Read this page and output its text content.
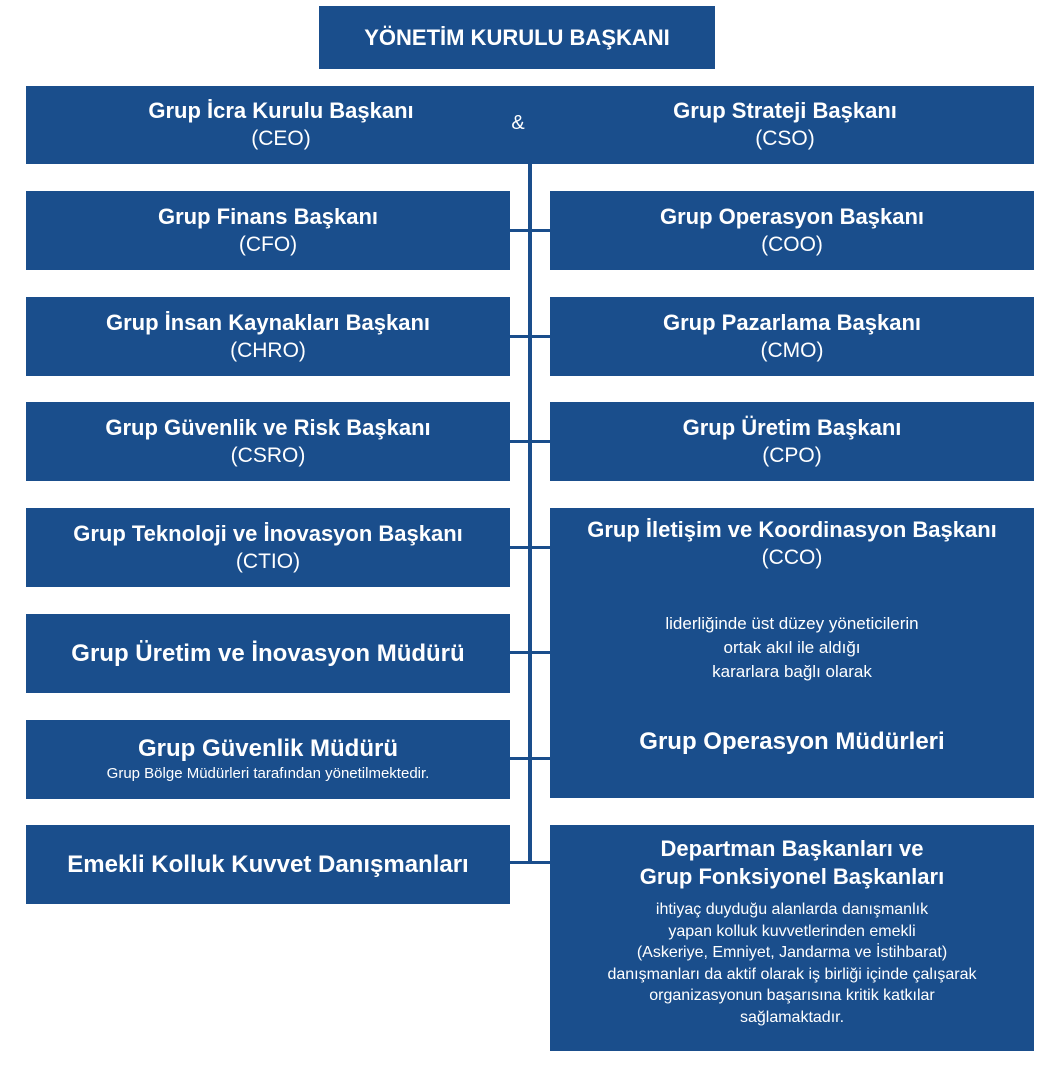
YÖNETİM KURULU BAŞKANI
Grup İcra Kurulu Başkanı
(CEO)
&	Grup Strateji Başkanı
(CSO)
Grup Finans Başkanı
(CFO)
Grup İnsan Kaynakları Başkanı
(CHRO)
Grup Güvenlik ve Risk Başkanı
(CSRO)
Grup Teknoloji ve İnovasyon Başkanı
(CTIO)
Grup Üretim ve İnovasyon Müdürü
Grup Güvenlik Müdürü
Grup Bölge Müdürleri tarafından yönetilmektedir.
Emekli Kolluk Kuvvet Danışmanları
Grup Operasyon Başkanı
(COO)
Grup Pazarlama Başkanı
(CMO)
Grup Üretim Başkanı
(CPO)
Grup İletişim ve Koordinasyon Başkanı
(CCO)
liderliğinde üst düzey yöneticilerin
ortak akıl ile aldığı
kararlara bağlı olarak
Grup Operasyon Müdürleri
Departman Başkanları ve
Grup Fonksiyonel Başkanları
ihtiyaç duyduğu alanlarda danışmanlık
yapan kolluk kuvvetlerinden emekli
(Askeriye, Emniyet, Jandarma ve İstihbarat)
danışmanları da aktif olarak iş birliği içinde çalışarak
organizasyonun başarısına kritik katkılar
sağlamaktadır.
